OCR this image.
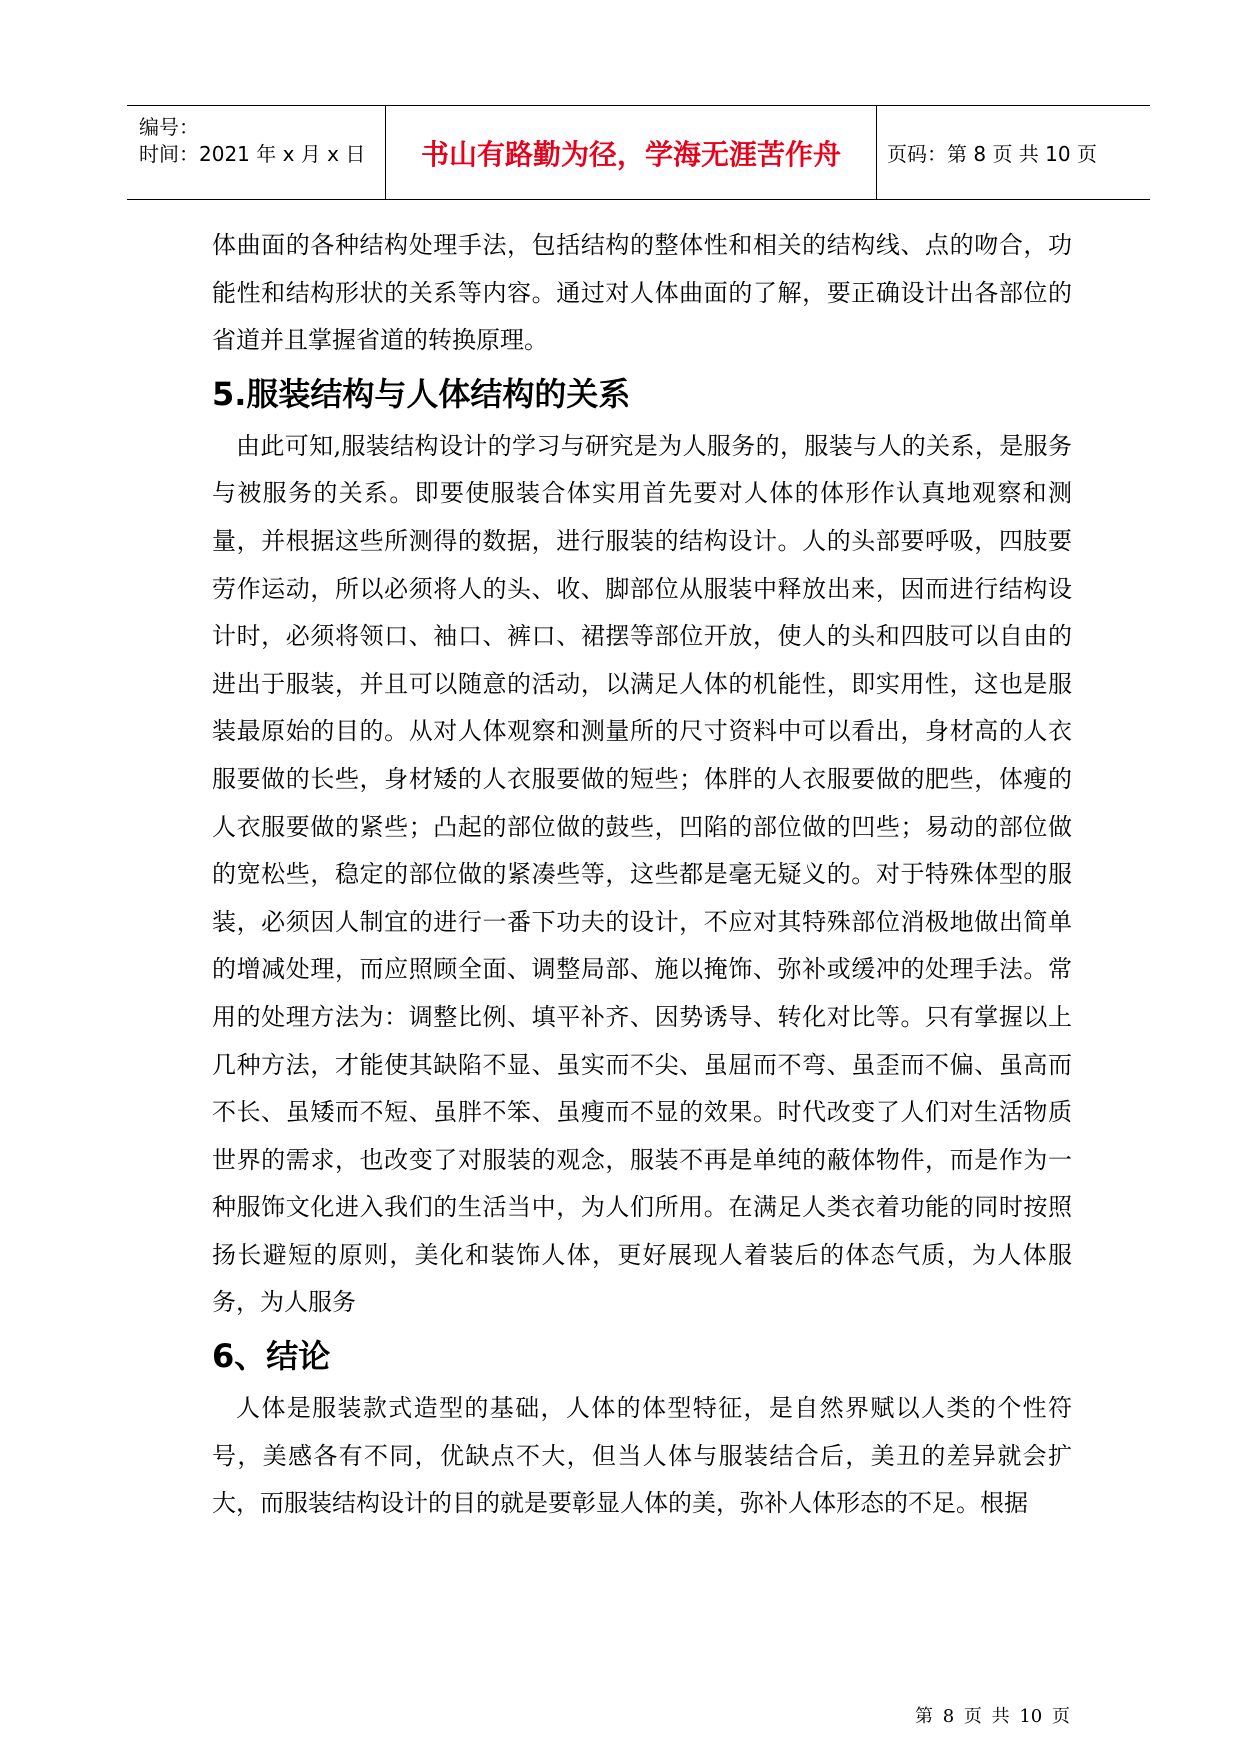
编号：
时间：2021 年 x 月 x 日 书山有路勤为径，学海无涯苦作舟 页码：第 8 页 共 10 页

体曲面的各种结构处理手法，包括结构的整体性和相关的结构线、点的吻合，功能性和结构形状的关系等内容。通过对人体曲面的了解，要正确设计出各部位的省道并且掌握省道的转换原理。

5.服装结构与人体结构的关系

由此可知,服装结构设计的学习与研究是为人服务的，服装与人的关系，是服务与被服务的关系。即要使服装合体实用首先要对人体的体形作认真地观察和测量，并根据这些所测得的数据，进行服装的结构设计。人的头部要呼吸，四肢要劳作运动，所以必须将人的头、收、脚部位从服装中释放出来，因而进行结构设计时，必须将领口、袖口、裤口、裙摆等部位开放，使人的头和四肢可以自由的进出于服装，并且可以随意的活动，以满足人体的机能性，即实用性，这也是服装最原始的目的。从对人体观察和测量所的尺寸资料中可以看出，身材高的人衣服要做的长些，身材矮的人衣服要做的短些；体胖的人衣服要做的肥些，体瘦的人衣服要做的紧些；凸起的部位做的鼓些，凹陷的部位做的凹些；易动的部位做的宽松些，稳定的部位做的紧凑些等，这些都是毫无疑义的。对于特殊体型的服装，必须因人制宜的进行一番下功夫的设计，不应对其特殊部位消极地做出简单的增减处理，而应照顾全面、调整局部、施以掩饰、弥补或缓冲的处理手法。常用的处理方法为：调整比例、填平补齐、因势诱导、转化对比等。只有掌握以上几种方法，才能使其缺陷不显、虽实而不尖、虽屈而不弯、虽歪而不偏、虽高而不长、虽矮而不短、虽胖不笨、虽瘦而不显的效果。时代改变了人们对生活物质世界的需求，也改变了对服装的观念，服装不再是单纯的蔽体物件，而是作为一种服饰文化进入我们的生活当中，为人们所用。在满足人类衣着功能的同时按照扬长避短的原则，美化和装饰人体，更好展现人着装后的体态气质，为人体服务，为人服务

6、结论

人体是服装款式造型的基础，人体的体型特征，是自然界赋以人类的个性符号，美感各有不同，优缺点不大，但当人体与服装结合后，美丑的差异就会扩大，而服装结构设计的目的就是要彰显人体的美，弥补人体形态的不足。根据

第 8 页 共 10 页
